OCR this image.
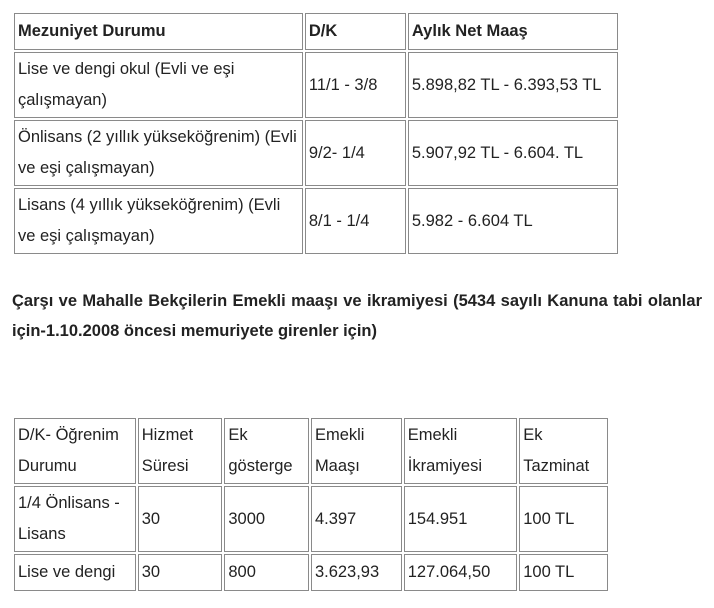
Mezuniyet Durumu	D/K	Aylık Net Maaş
Lise ve dengi okul (Evli ve eşi çalışmayan)	11/1 - 3/8	5.898,82 TL - 6.393,53 TL
Önlisans (2 yıllık yükseköğrenim) (Evli ve eşi çalışmayan)	9/2- 1/4	5.907,92 TL - 6.604. TL
Lisans (4 yıllık yükseköğrenim) (Evli ve eşi çalışmayan)	8/1 - 1/4	5.982 - 6.604 TL

Çarşı ve Mahalle Bekçilerin Emekli maaşı ve ikramiyesi (5434 sayılı Kanuna tabi olanlar için-1.10.2008 öncesi memuriyete girenler için)

D/K- Öğrenim Durumu	Hizmet Süresi	Ek gösterge	Emekli Maaşı	Emekli İkramiyesi	Ek Tazminat
1/4 Önlisans - Lisans	30	3000	4.397	154.951	100 TL
Lise ve dengi	30	800	3.623,93	127.064,50	100 TL
